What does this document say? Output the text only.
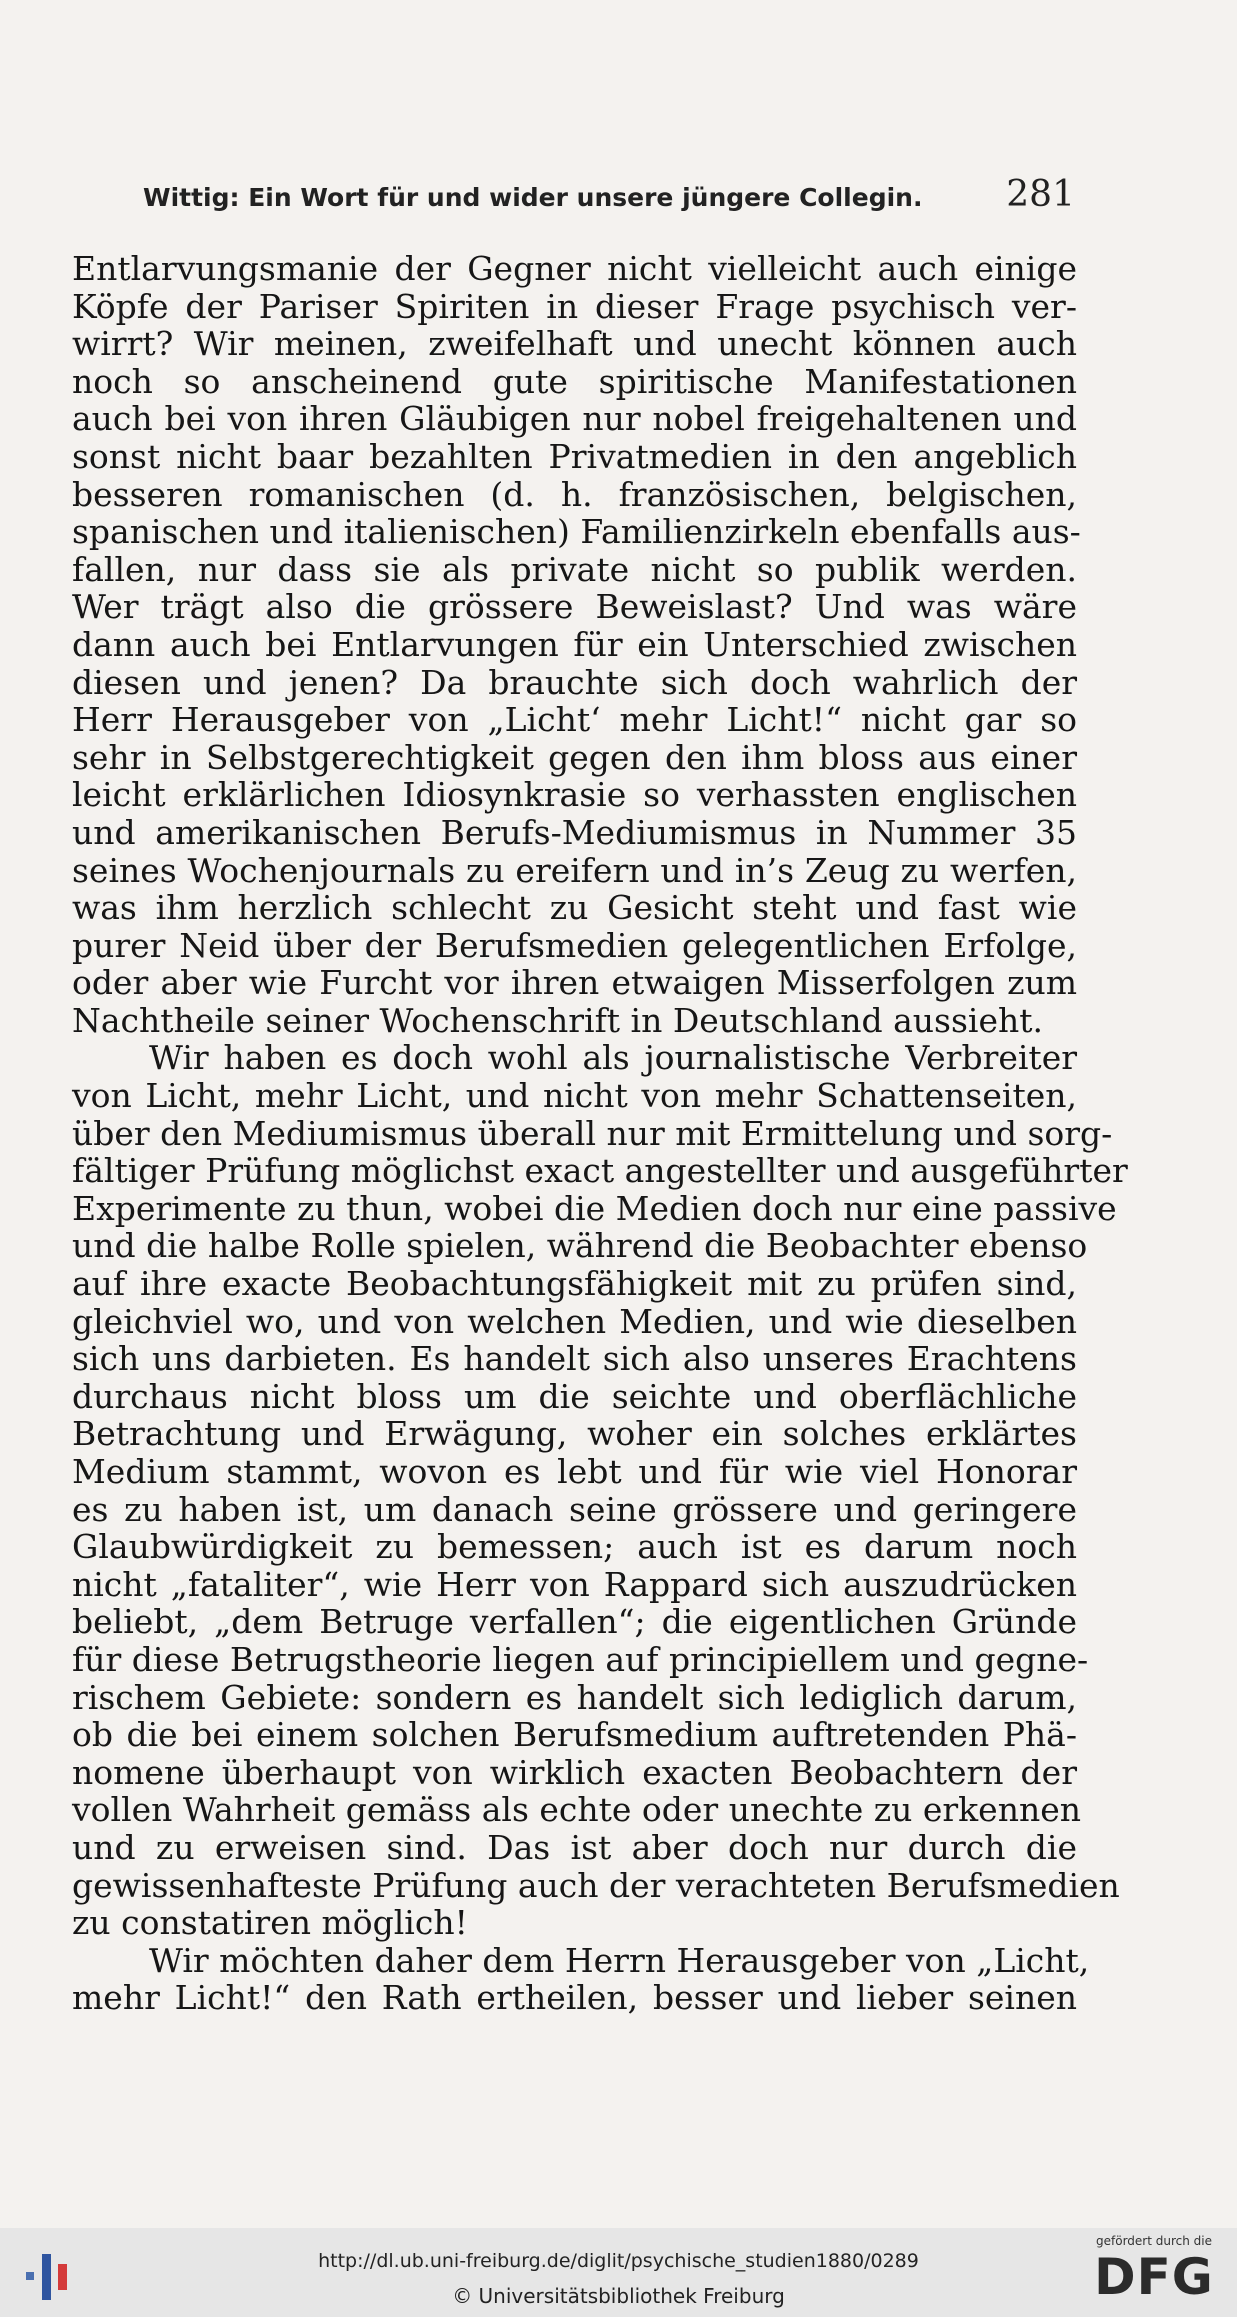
‾‾‾‾‾‾‾‾‾
Wittig: Ein Wort für und wider unsere jüngere Collegin. 281
Entlarvungsmanie der Gegner nicht vielleicht auch einige
Köpfe der Pariser Spiriten in dieser Frage psychisch ver-
wirrt? Wir meinen, zweifelhaft und unecht können auch
noch so anscheinend gute spiritische Manifestationen
auch bei von ihren Gläubigen nur nobel freigehaltenen und
sonst nicht baar bezahlten Privatmedien in den angeblich
besseren romanischen (d. h. französischen, belgischen,
spanischen und italienischen) Familienzirkeln ebenfalls aus-
fallen, nur dass sie als private nicht so publik werden.
Wer trägt also die grössere Beweislast? Und was wäre
dann auch bei Entlarvungen für ein Unterschied zwischen
diesen und jenen? Da brauchte sich doch wahrlich der
Herr Herausgeber von „Licht‘ mehr Licht!“ nicht gar so
sehr in Selbstgerechtigkeit gegen den ihm bloss aus einer
leicht erklärlichen Idiosynkrasie so verhassten englischen
und amerikanischen Berufs-Mediumismus in Nummer 35
seines Wochenjournals zu ereifern und in’s Zeug zu werfen,
was ihm herzlich schlecht zu Gesicht steht und fast wie
purer Neid über der Berufsmedien gelegentlichen Erfolge,
oder aber wie Furcht vor ihren etwaigen Misserfolgen zum
Nachtheile seiner Wochenschrift in Deutschland aussieht.
Wir haben es doch wohl als journalistische Verbreiter
von Licht, mehr Licht, und nicht von mehr Schattenseiten,
über den Mediumismus überall nur mit Ermittelung und sorg-
fältiger Prüfung möglichst exact angestellter und ausgeführter
Experimente zu thun, wobei die Medien doch nur eine passive
und die halbe Rolle spielen, während die Beobachter ebenso
auf ihre exacte Beobachtungsfähigkeit mit zu prüfen sind,
gleichviel wo, und von welchen Medien, und wie dieselben
sich uns darbieten. Es handelt sich also unseres Erachtens
durchaus nicht bloss um die seichte und oberflächliche
Betrachtung und Erwägung, woher ein solches erklärtes
Medium stammt, wovon es lebt und für wie viel Honorar
es zu haben ist, um danach seine grössere und geringere
Glaubwürdigkeit zu bemessen; auch ist es darum noch
nicht „fataliter“, wie Herr von Rappard sich auszudrücken
beliebt, „dem Betruge verfallen“; die eigentlichen Gründe
für diese Betrugstheorie liegen auf principiellem und gegne-
rischem Gebiete: sondern es handelt sich lediglich darum,
ob die bei einem solchen Berufsmedium auftretenden Phä-
nomene überhaupt von wirklich exacten Beobachtern der
vollen Wahrheit gemäss als echte oder unechte zu erkennen
und zu erweisen sind. Das ist aber doch nur durch die
gewissenhafteste Prüfung auch der verachteten Berufsmedien
zu constatiren möglich!
Wir möchten daher dem Herrn Herausgeber von „Licht,
mehr Licht!“ den Rath ertheilen, besser und lieber seinen
http://dl.ub.uni-freiburg.de/diglit/psychische_studien1880/0289
© Universitätsbibliothek Freiburg
gefördert durch die
DFG
